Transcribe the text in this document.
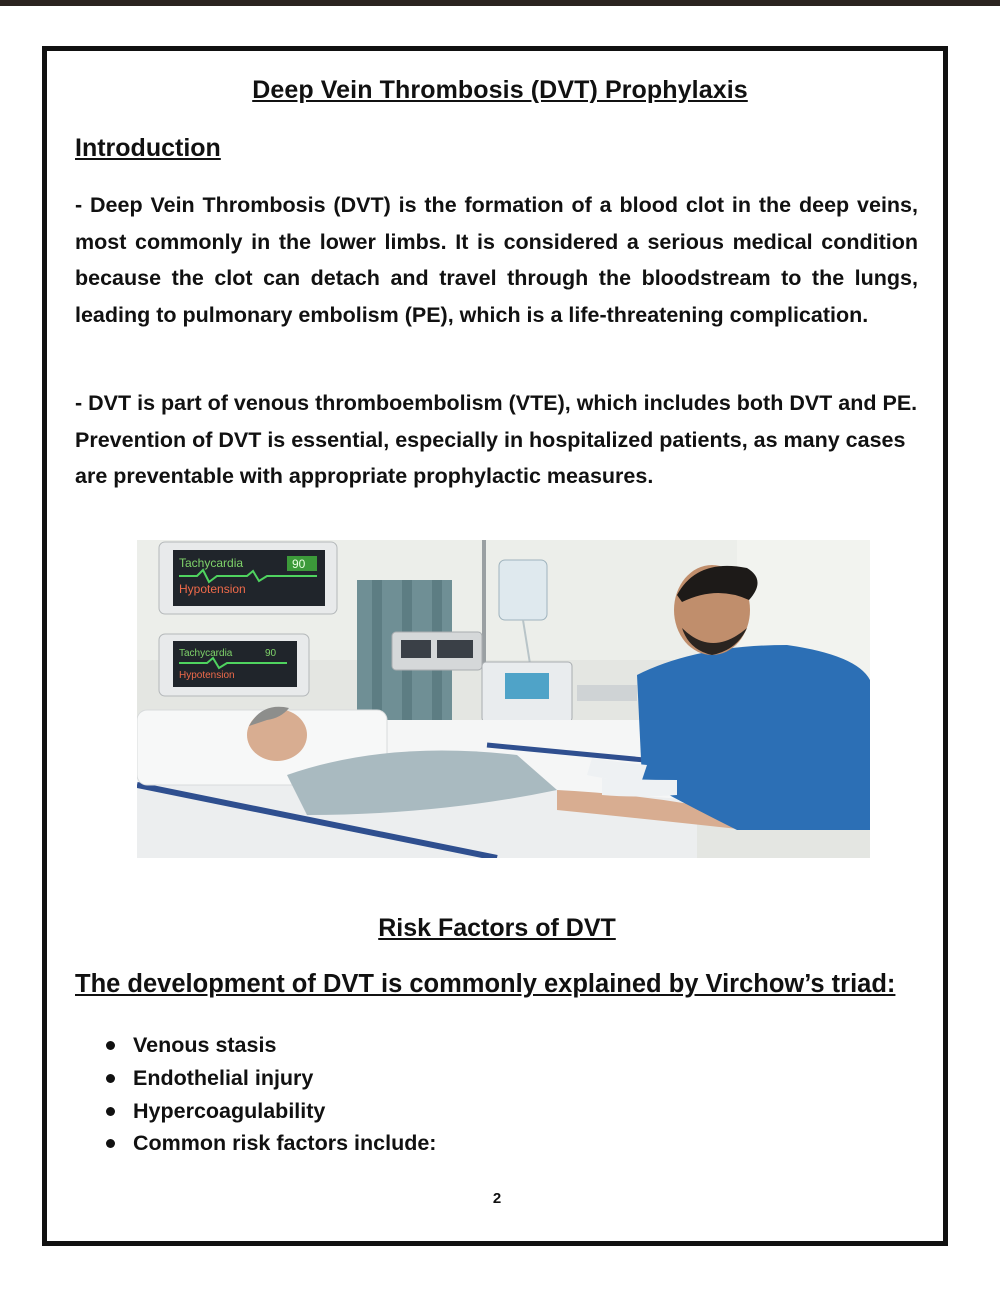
Deep Vein Thrombosis (DVT) Prophylaxis
Introduction

- Deep Vein Thrombosis (DVT) is the formation of a blood clot in the deep veins, most commonly in the lower limbs. It is considered a serious medical condition because the clot can detach and travel through the bloodstream to the lungs, leading to pulmonary embolism (PE), which is a life-threatening complication.

- DVT is part of venous thromboembolism (VTE), which includes both DVT and PE. Prevention of DVT is essential, especially in hospitalized patients, as many cases are preventable with appropriate prophylactic measures.

Tachycardia	90
Hypotension
Tachycardia	90
Hypotension
Risk Factors of DVT
The development of DVT is commonly explained by Virchow’s triad:
Venous stasis
Endothelial injury
Hypercoagulability
Common risk factors include:
2
